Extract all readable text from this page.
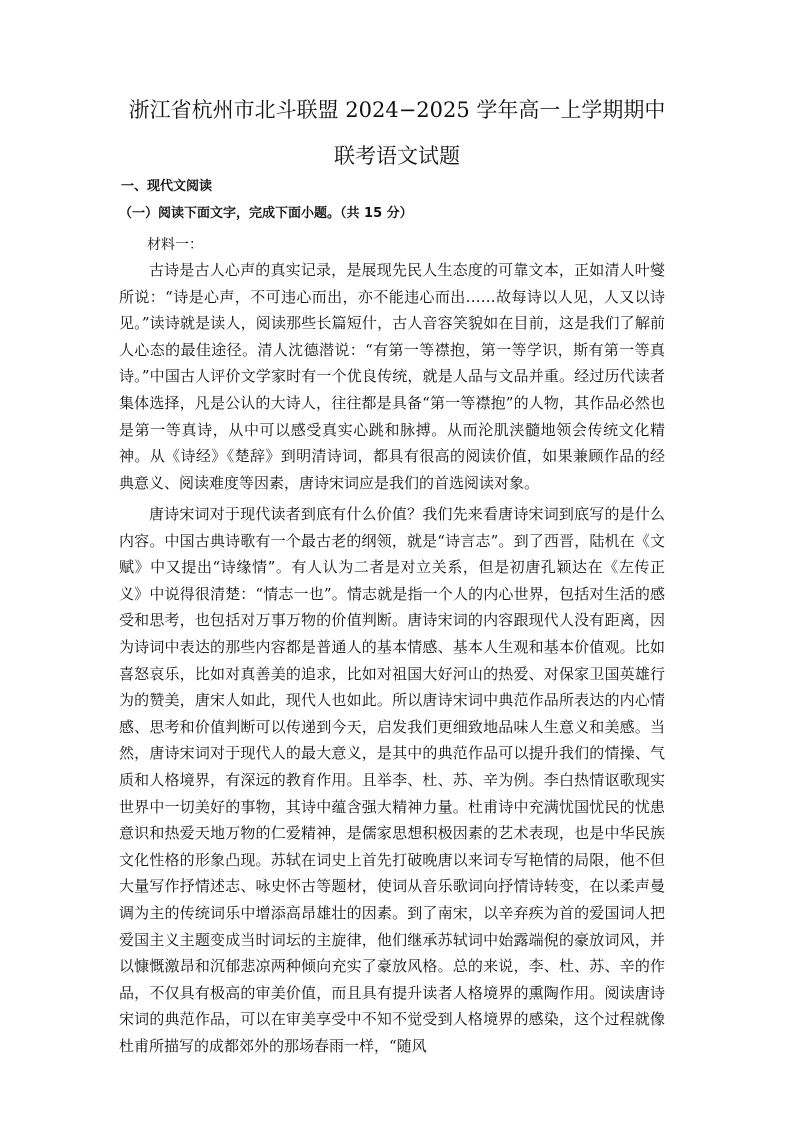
浙江省杭州市北斗联盟 2024−2025 学年高一上学期期中
联考语文试题
一、现代文阅读
（一）阅读下面文字，完成下面小题。（共 15 分）
材料一：

古诗是古人心声的真实记录，是展现先民人生态度的可靠文本，正如清人叶燮所说：“诗是心声，不可违心而出，亦不能违心而出……故每诗以人见，人又以诗见。”读诗就是读人，阅读那些长篇短什，古人音容笑貌如在目前，这是我们了解前人心态的最佳途径。清人沈德潜说：“有第一等襟抱，第一等学识，斯有第一等真诗。”中国古人评价文学家时有一个优良传统，就是人品与文品并重。经过历代读者集体选择，凡是公认的大诗人，往往都是具备“第一等襟抱”的人物，其作品必然也是第一等真诗，从中可以感受真实心跳和脉搏。从而沦肌浃髓地领会传统文化精神。从《诗经》《楚辞》到明清诗词，都具有很高的阅读价值，如果兼顾作品的经典意义、阅读难度等因素，唐诗宋词应是我们的首选阅读对象。

唐诗宋词对于现代读者到底有什么价值？我们先来看唐诗宋词到底写的是什么内容。中国古典诗歌有一个最古老的纲领，就是“诗言志”。到了西晋，陆机在《文赋》中又提出“诗缘情”。有人认为二者是对立关系，但是初唐孔颖达在《左传正义》中说得很清楚：“情志一也”。情志就是指一个人的内心世界，包括对生活的感受和思考，也包括对万事万物的价值判断。唐诗宋词的内容跟现代人没有距离，因为诗词中表达的那些内容都是普通人的基本情感、基本人生观和基本价值观。比如喜怒哀乐，比如对真善美的追求，比如对祖国大好河山的热爱、对保家卫国英雄行为的赞美，唐宋人如此，现代人也如此。所以唐诗宋词中典范作品所表达的内心情感、思考和价值判断可以传递到今天，启发我们更细致地品味人生意义和美感。当然，唐诗宋词对于现代人的最大意义，是其中的典范作品可以提升我们的情操、气质和人格境界，有深远的教育作用。且举李、杜、苏、辛为例。李白热情讴歌现实世界中一切美好的事物，其诗中蕴含强大精神力量。杜甫诗中充满忧国忧民的忧患意识和热爱天地万物的仁爱精神，是儒家思想积极因素的艺术表现，也是中华民族文化性格的形象凸现。苏轼在词史上首先打破晚唐以来词专写艳情的局限，他不但大量写作抒情述志、咏史怀古等题材，使词从音乐歌词向抒情诗转变，在以柔声曼调为主的传统词乐中增添高昂雄壮的因素。到了南宋，以辛弃疾为首的爱国词人把爱国主义主题变成当时词坛的主旋律，他们继承苏轼词中始露端倪的豪放词风，并以慷慨激昂和沉郁悲凉两种倾向充实了豪放风格。总的来说，李、杜、苏、辛的作品，不仅具有极高的审美价值，而且具有提升读者人格境界的熏陶作用。阅读唐诗宋词的典范作品，可以在审美享受中不知不觉受到人格境界的感染，这个过程就像杜甫所描写的成都郊外的那场春雨一样，“随风
